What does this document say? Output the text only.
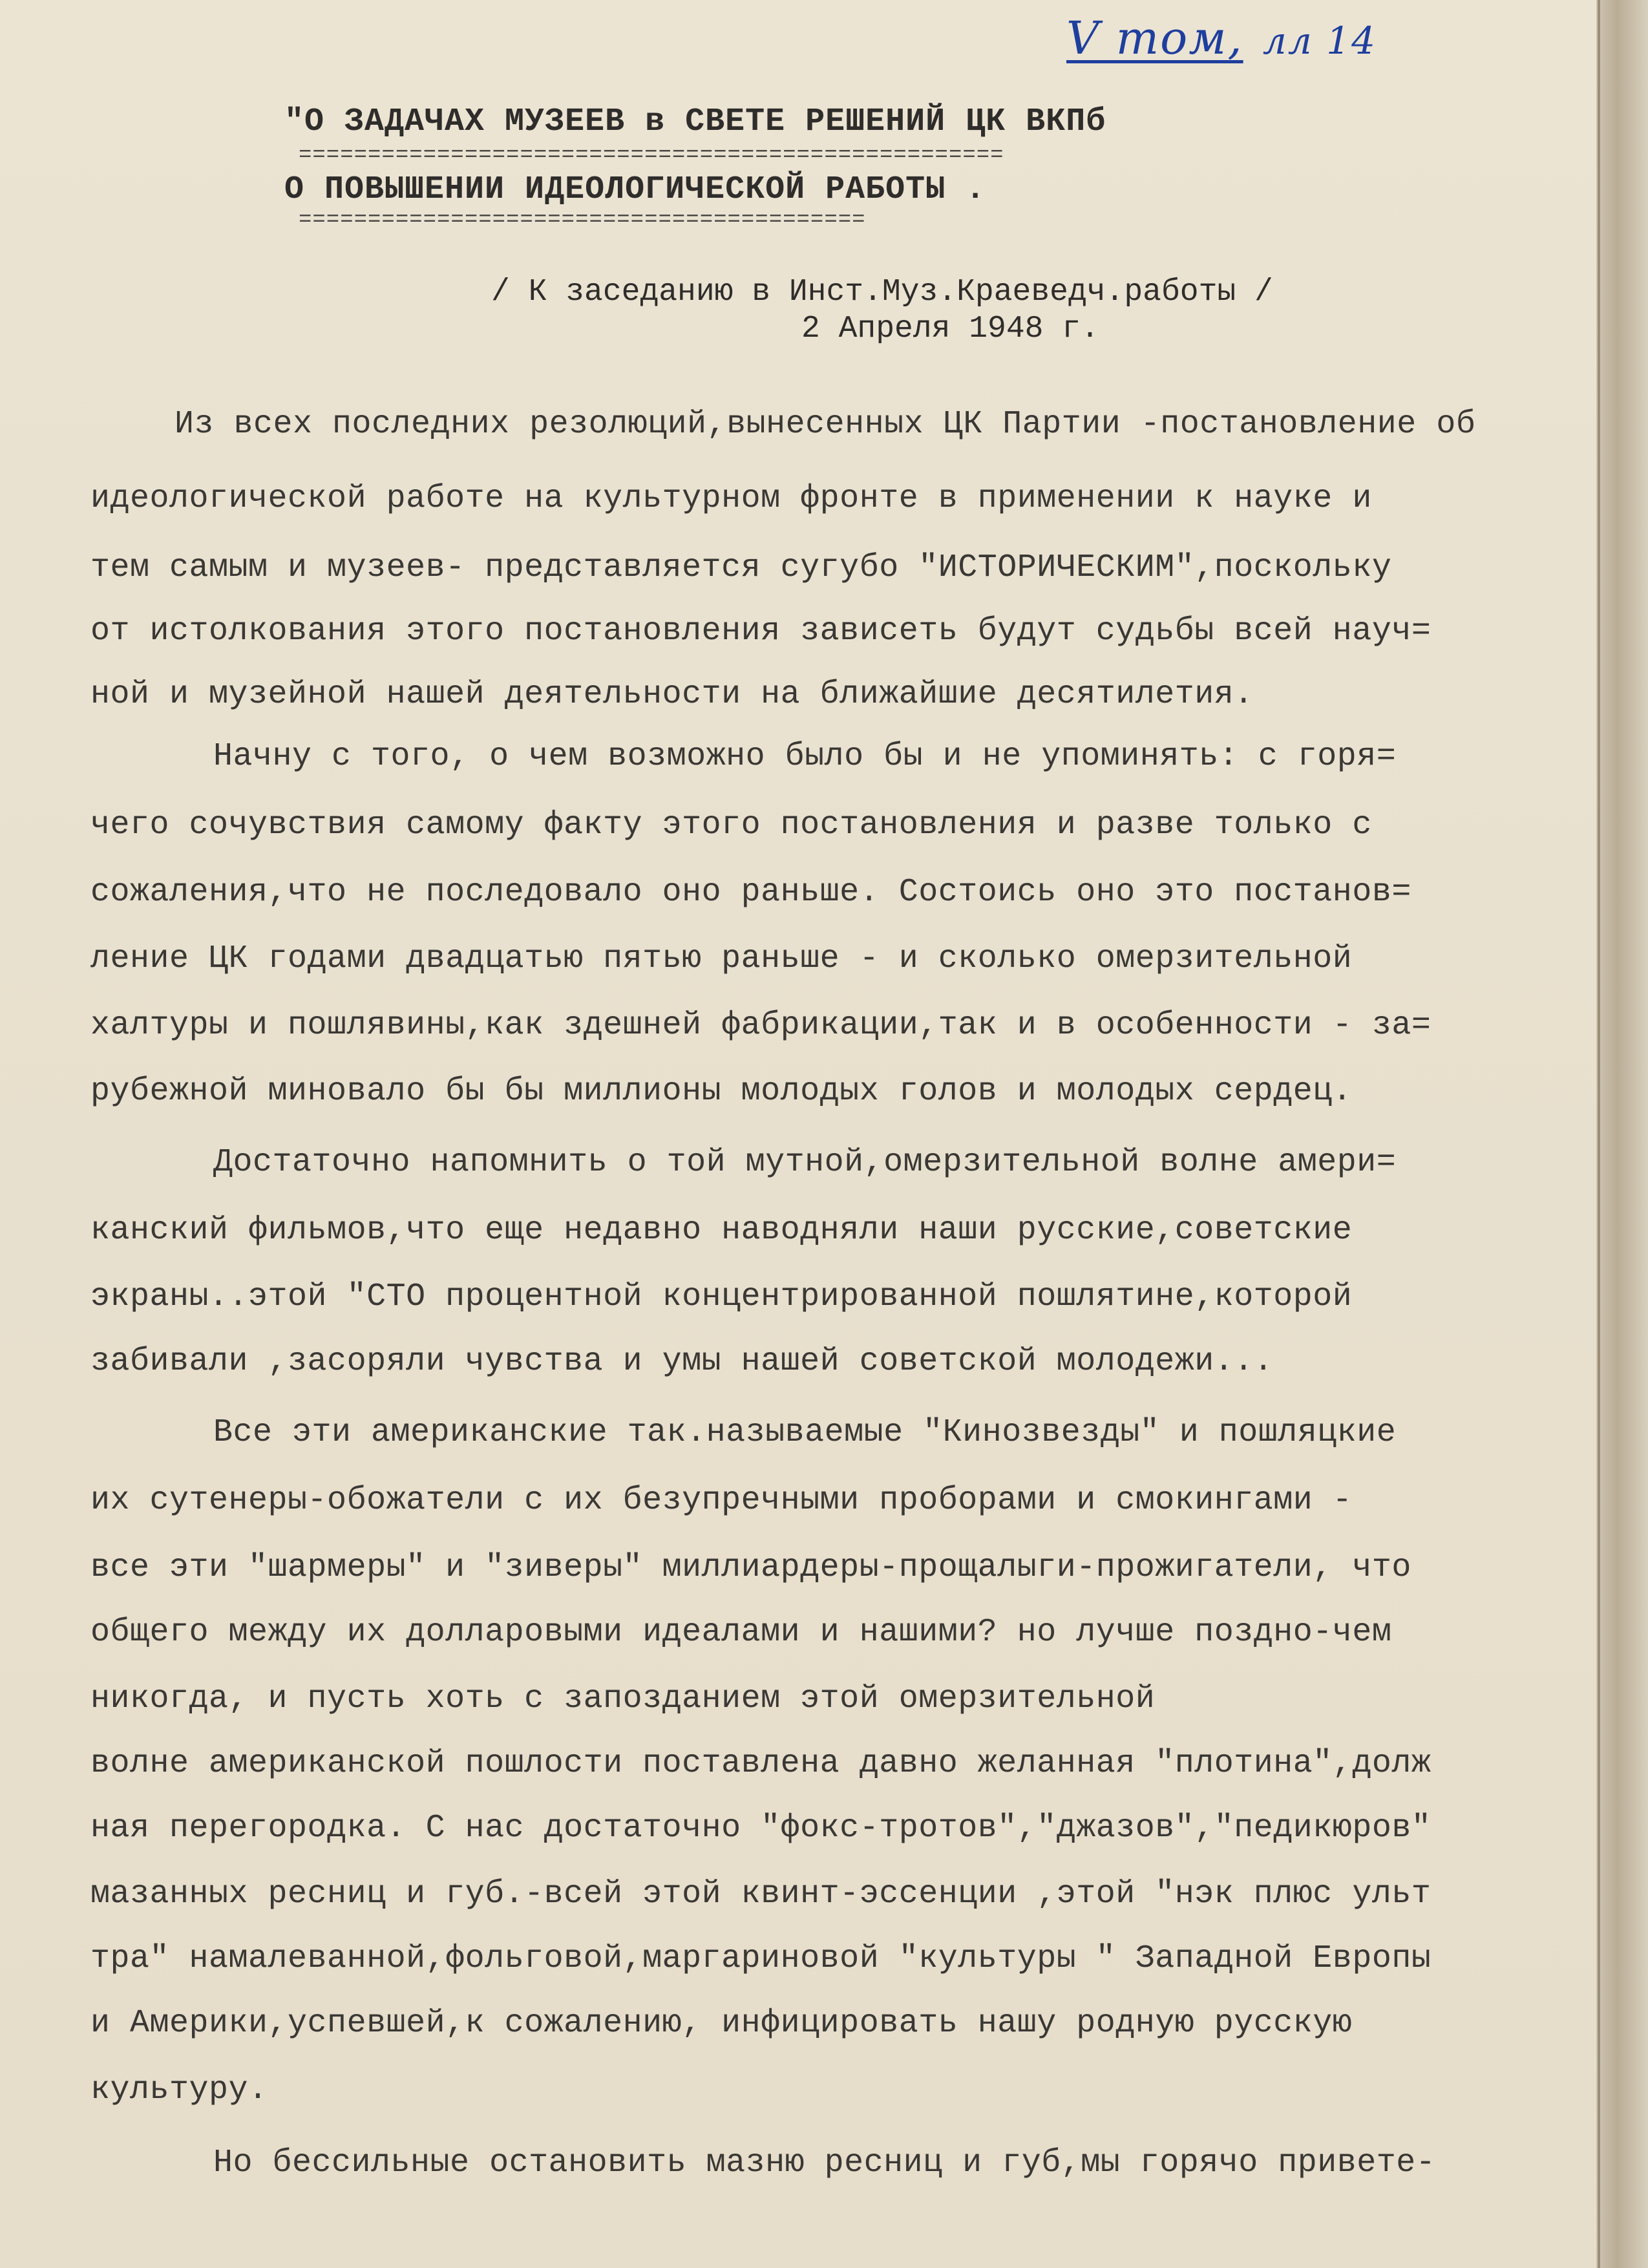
V том, лл 14
"О ЗАДАЧАХ МУЗЕЕВ в СВЕТЕ РЕШЕНИЙ ЦК ВКПб
===================================================
О ПОВЫШЕНИИ ИДЕОЛОГИЧЕСКОЙ РАБОТЫ .
=========================================
/ К заседанию в Инст.Муз.Краеведч.работы /
2 Апреля 1948 г.
Из всех последних резолюций,вынесенных ЦК Партии -постановление об
идеологической работе на культурном фронте в применении к науке и
тем самым и музеев- представляется сугубо "ИСТОРИЧЕСКИМ",поскольку
от истолкования этого постановления зависеть будут судьбы всей науч=
ной и музейной нашей деятельности на ближайшие десятилетия.
Начну с того, о чем возможно было бы и не упоминять: с горя=
чего сочувствия самому факту этого постановления и разве только с
сожаления,что не последовало оно раньше. Состоись оно это постанов=
ление ЦК годами двадцатью пятью раньше - и сколько омерзительной
халтуры и пошлявины,как здешней фабрикации,так и в особенности - за=
рубежной миновало бы бы миллионы молодых голов и молодых сердец.
Достаточно напомнить о той мутной,омерзительной волне амери=
канский фильмов,что еще недавно наводняли наши русские,советские
экраны..этой "СТО процентной концентрированной пошлятине,которой
забивали ,засоряли чувства и умы нашей советской молодежи...
Все эти американские так.называемые "Кинозвезды" и пошляцкие
их сутенеры-обожатели с их безупречными проборами и смокингами -
все эти "шармеры" и "зиверы" миллиардеры-прощалыги-прожигатели, что
общего между их долларовыми идеалами и нашими? но лучше поздно-чем
никогда, и пусть хоть с запозданием этой омерзительной
волне американской пошлости поставлена давно желанная "плотина",долж
ная перегородка. С нас достаточно "фокс-тротов","джазов","педикюров"
мазанных ресниц и губ.-всей этой квинт-эссенции ,этой "нэк плюс ульт
тра" намалеванной,фольговой,маргариновой "культуры " Западной Европы
и Америки,успевшей,к сожалению, инфицировать нашу родную русскую
культуру.
Но бессильные остановить мазню ресниц и губ,мы горячо привете-
